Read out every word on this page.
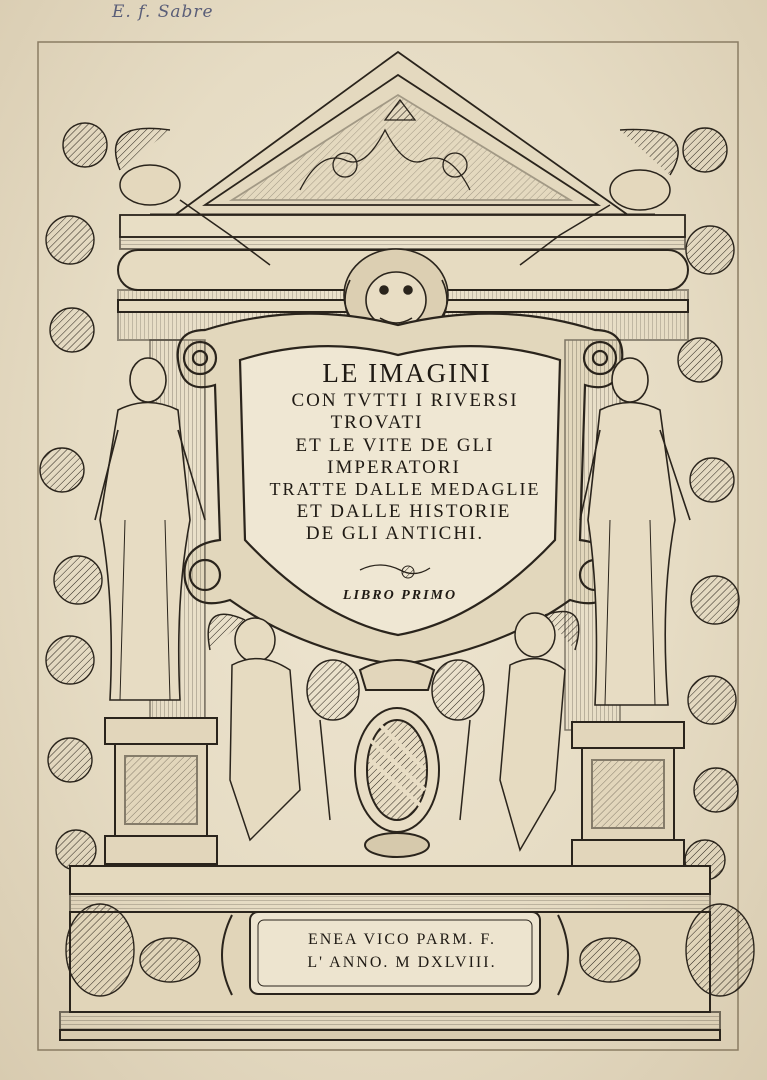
E. f. Sabre
LE IMAGINI
CON TVTTI I RIVERSI
TROVATI
ET LE VITE DE GLI
IMPERATORI
TRATTE DALLE MEDAGLIE
ET DALLE HISTORIE
DE GLI ANTICHI.
LIBRO PRIMO
ENEA VICO PARM. F.
L' ANNO. M DXLVIII.
